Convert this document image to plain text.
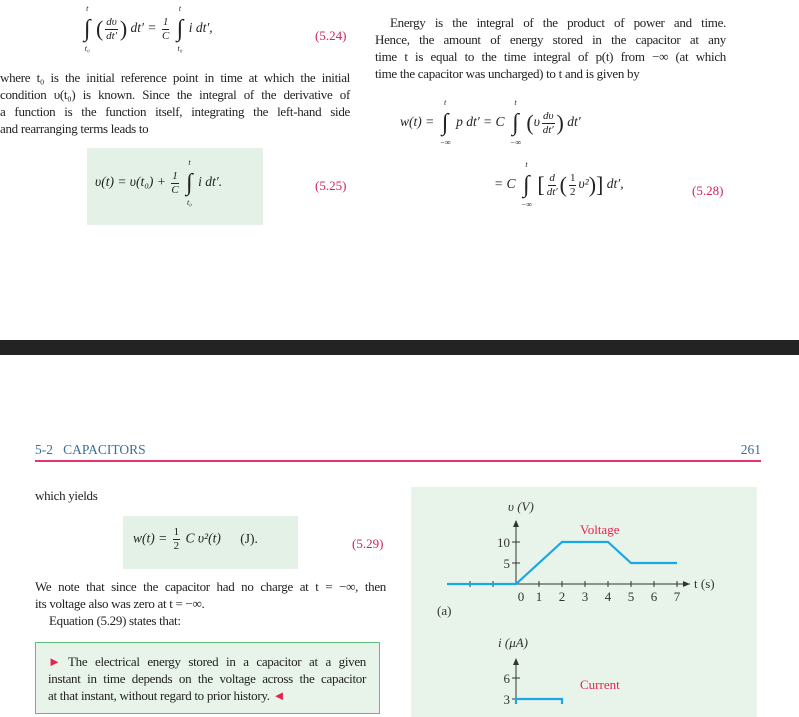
t
∫
t₀
( $\frac{d\upsilon}{dt'}$ ) $dt' = \frac{1}{C}$

t
∫
t₀
i dt′,
(5.24)
where t₀ is the initial reference point in time at which the initial
condition υ(t₀) is known. Since the integral of the derivative of
a function is the function itself, integrating the left-hand side
and rearranging terms leads to
$\upsilon(t) = \upsilon(t_0) + \frac{1}{C}$

t
∫
t₀
i dt′.	(5.25)
Energy is the integral of the product of power and time.
Hence, the amount of energy stored in the capacitor at any
time t is equal to the time integral of p(t) from −∞ (at which
time the capacitor was uncharged) to t and is given by
w(t) =
t
∫
−∞
p dt′ = C
t
∫
−∞
($\upsilon \frac{d\upsilon}{dt'}$ ) dt′
= C
t
∫
−∞
[ $\frac{d}{dt'}$ ( $\frac{1}{2} \upsilon^2$)] dt′,	(5.28)
5-2 CAPACITORS	261
which yields
$w(t) = \frac{1}{2}$ C υ²(t) (J).	(5.29)
We note that since the capacitor had no charge at t = −∞, then
its voltage also was zero at t = −∞.
Equation (5.29) states that:
► The electrical energy stored in a capacitor at a given
instant in time depends on the voltage across the capacitor
at that instant, without regard to prior history. ◄
0 1 2 3 4 5 6 7
5
10
υ (V)
t (s)
Voltage
(a)
3
6
i (μA)
Current
